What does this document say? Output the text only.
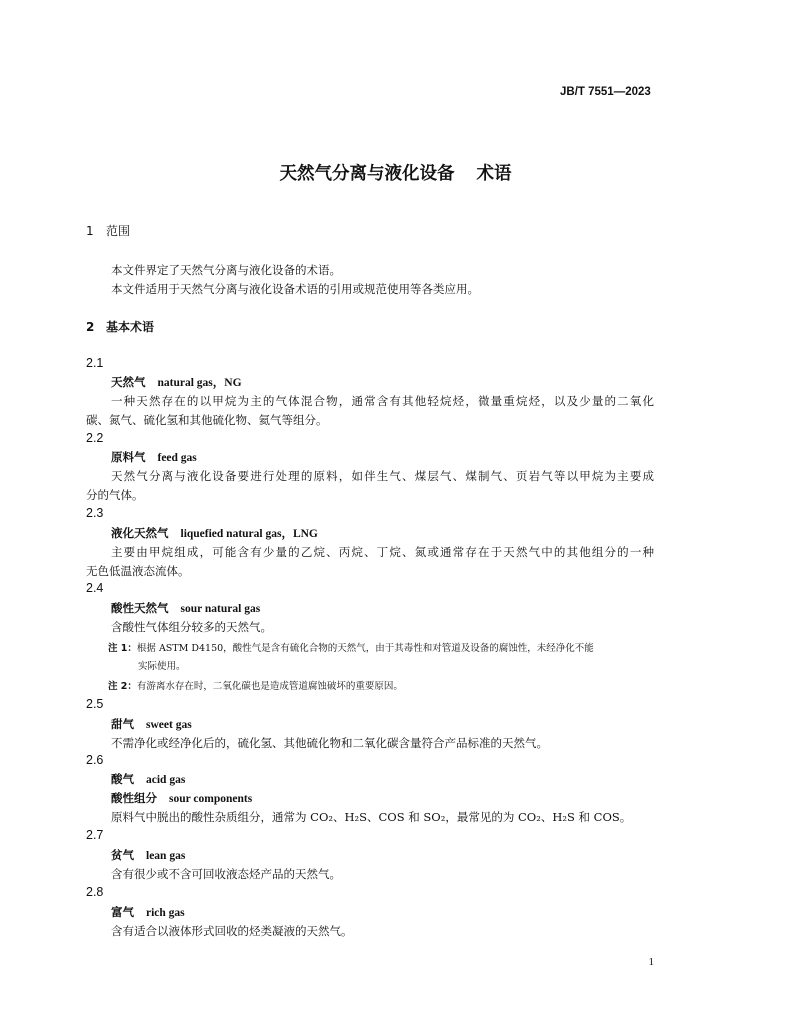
JB/T 7551—2023
天然气分离与液化设备 术语
1 范围
本文件界定了天然气分离与液化设备的术语。
本文件适用于天然气分离与液化设备术语的引用或规范使用等各类应用。
2 基本术语
2.1
天然气 natural gas，NG
一种天然存在的以甲烷为主的气体混合物，通常含有其他轻烷烃，微量重烷烃，以及少量的二氧化
碳、氮气、硫化氢和其他硫化物、氦气等组分。
2.2
原料气 feed gas
天然气分离与液化设备要进行处理的原料，如伴生气、煤层气、煤制气、页岩气等以甲烷为主要成
分的气体。
2.3
液化天然气 liquefied natural gas，LNG
主要由甲烷组成，可能含有少量的乙烷、丙烷、丁烷、氮或通常存在于天然气中的其他组分的一种
无色低温液态流体。
2.4
酸性天然气 sour natural gas
含酸性气体组分较多的天然气。
注 1：根据 ASTM D4150，酸性气是含有硫化合物的天然气，由于其毒性和对管道及设备的腐蚀性，未经净化不能
实际使用。
注 2：有游离水存在时，二氧化碳也是造成管道腐蚀破坏的重要原因。
2.5
甜气 sweet gas
不需净化或经净化后的，硫化氢、其他硫化物和二氧化碳含量符合产品标准的天然气。
2.6
酸气 acid gas
酸性组分 sour components
原料气中脱出的酸性杂质组分，通常为 CO₂、H₂S、COS 和 SO₂，最常见的为 CO₂、H₂S 和 COS。
2.7
贫气 lean gas
含有很少或不含可回收液态烃产品的天然气。
2.8
富气 rich gas
含有适合以液体形式回收的烃类凝液的天然气。
1
